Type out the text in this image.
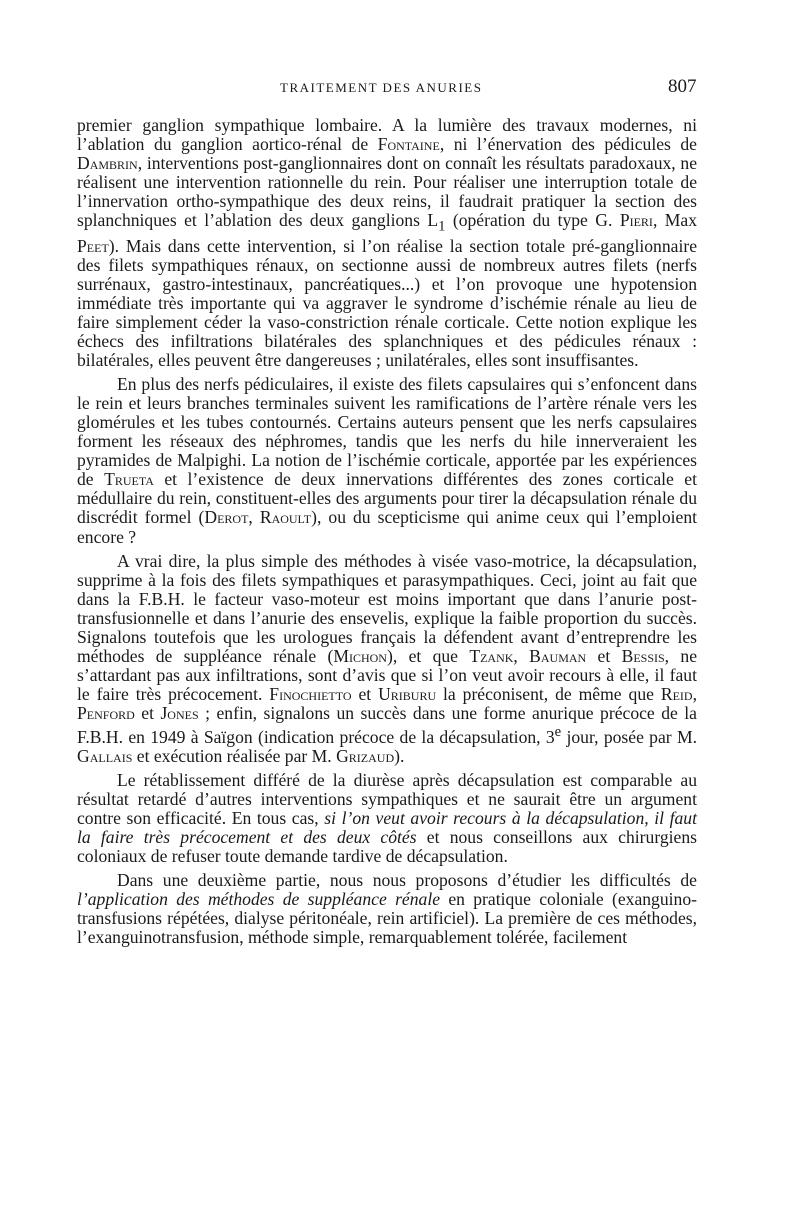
TRAITEMENT DES ANURIES	807

premier ganglion sympathique lombaire. A la lumière des travaux modernes, ni l’ablation du ganglion aortico-rénal de Fontaine, ni l’énervation des pédicules de Dambrin, interventions post-ganglionnaires dont on connaît les résultats paradoxaux, ne réalisent une intervention rationnelle du rein. Pour réaliser une interruption totale de l’innervation ortho-sympathique des deux reins, il faudrait pratiquer la section des splanchniques et l’ablation des deux ganglions $L_1$ (opération du type G. Pieri, Max Peet). Mais dans cette intervention, si l’on réalise la section totale pré-ganglionnaire des filets sympathiques rénaux, on sectionne aussi de nombreux autres filets (nerfs surrénaux, gastro-intestinaux, pancréatiques...) et l’on provoque une hypotension immédiate très importante qui va aggraver le syndrome d’ischémie rénale au lieu de faire simplement céder la vaso-constriction rénale corticale. Cette notion explique les échecs des infiltrations bilatérales des splanchniques et des pédicules rénaux : bilatérales, elles peuvent être dangereuses ; unilatérales, elles sont insuffisantes.

En plus des nerfs pédiculaires, il existe des filets capsulaires qui s’enfoncent dans le rein et leurs branches terminales suivent les ramifications de l’artère rénale vers les glomérules et les tubes contournés. Certains auteurs pensent que les nerfs capsulaires forment les réseaux des néphromes, tandis que les nerfs du hile innerveraient les pyramides de Malpighi. La notion de l’ischémie corticale, apportée par les expériences de Trueta et l’existence de deux innervations différentes des zones corticale et médullaire du rein, constituent-elles des arguments pour tirer la décapsulation rénale du discrédit formel (Derot, Raoult), ou du scepticisme qui anime ceux qui l’emploient encore ?

A vrai dire, la plus simple des méthodes à visée vaso-motrice, la décapsulation, supprime à la fois des filets sympathiques et parasympathiques. Ceci, joint au fait que dans la F.B.H. le facteur vaso-moteur est moins important que dans l’anurie post-transfusionnelle et dans l’anurie des ensevelis, explique la faible proportion du succès. Signalons toutefois que les urologues français la défendent avant d’entreprendre les méthodes de suppléance rénale (Michon), et que Tzank, Bauman et Bessis, ne s’attardant pas aux infiltrations, sont d’avis que si l’on veut avoir recours à elle, il faut le faire très précocement. Finochietto et Uriburu la préconisent, de même que Reid, Penford et Jones ; enfin, signalons un succès dans une forme anurique précoce de la F.B.H. en 1949 à Saïgon (indication précoce de la décapsulation, 3e jour, posée par M. Gallais et exécution réalisée par M. Grizaud).

Le rétablissement différé de la diurèse après décapsulation est comparable au résultat retardé d’autres interventions sympathiques et ne saurait être un argument contre son efficacité. En tous cas, si l’on veut avoir recours à la décapsulation, il faut la faire très précocement et des deux côtés et nous conseillons aux chirurgiens coloniaux de refuser toute demande tardive de décapsulation.

Dans une deuxième partie, nous nous proposons d’étudier les difficultés de l’application des méthodes de suppléance rénale en pratique coloniale (exanguino-transfusions répétées, dialyse péritonéale, rein artificiel). La première de ces méthodes, l’exanguinotransfusion, méthode simple, remarquablement tolérée, facilement
